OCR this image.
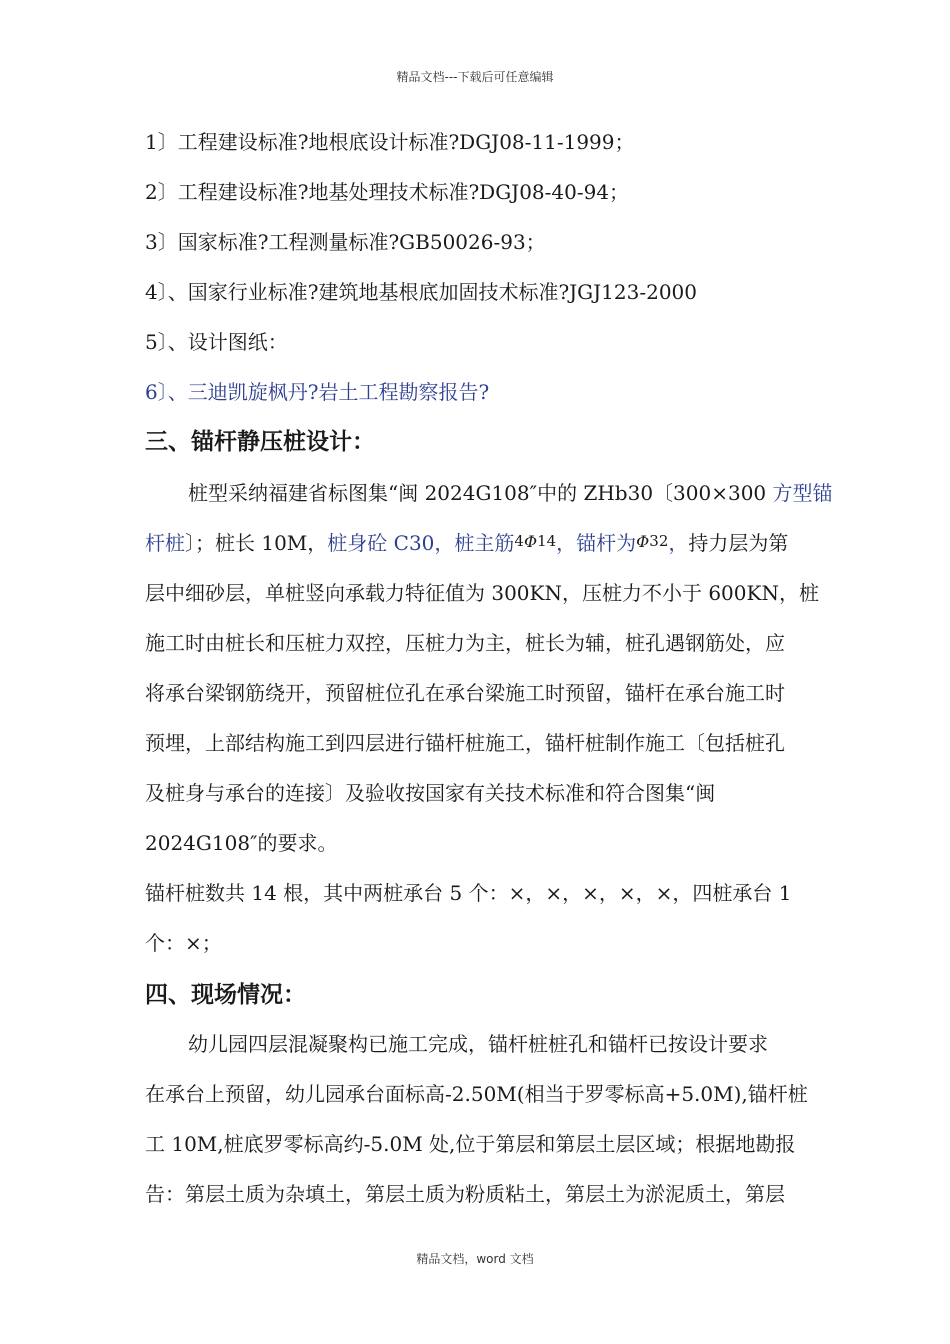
精品文档---下载后可任意编辑
1〕工程建设标准?地根底设计标准?DGJ08-11-1999；
2〕工程建设标准?地基处理技术标准?DGJ08-40-94；
3〕国家标准?工程测量标准?GB50026-93；
4〕、国家行业标准?建筑地基根底加固技术标准?JGJ123-2000
5〕、设计图纸：
6〕、三迪凯旋枫丹?岩土工程勘察报告?
三、锚杆静压桩设计：
桩型采纳福建省标图集“闽 2024G108″中的 ZHb30〔300×300 方型锚
杆桩〕；桩长 10M，桩身砼 C30，桩主筋$^4\Phi^{14}$，锚杆为$\Phi^{32}$，持力层为第
层中细砂层，单桩竖向承载力特征值为 300KN，压桩力不小于 600KN，桩
施工时由桩长和压桩力双控，压桩力为主，桩长为辅，桩孔遇钢筋处，应
将承台梁钢筋绕开，预留桩位孔在承台梁施工时预留，锚杆在承台施工时
预埋，上部结构施工到四层进行锚杆桩施工，锚杆桩制作施工〔包括桩孔
及桩身与承台的连接〕及验收按国家有关技术标准和符合图集“闽
2024G108″的要求。
锚杆桩数共 14 根，其中两桩承台 5 个：×，×，×，×，×，四桩承台 1
个：×；
四、现场情况：
幼儿园四层混凝聚构已施工完成，锚杆桩桩孔和锚杆已按设计要求
在承台上预留，幼儿园承台面标高-2.50M(相当于罗零标高+5.0M),锚杆桩
工 10M,桩底罗零标高约-5.0M 处,位于第层和第层土层区域；根据地勘报
告：第层土质为杂填土，第层土质为粉质粘土，第层土为淤泥质土，第层
精品文档，word 文档
